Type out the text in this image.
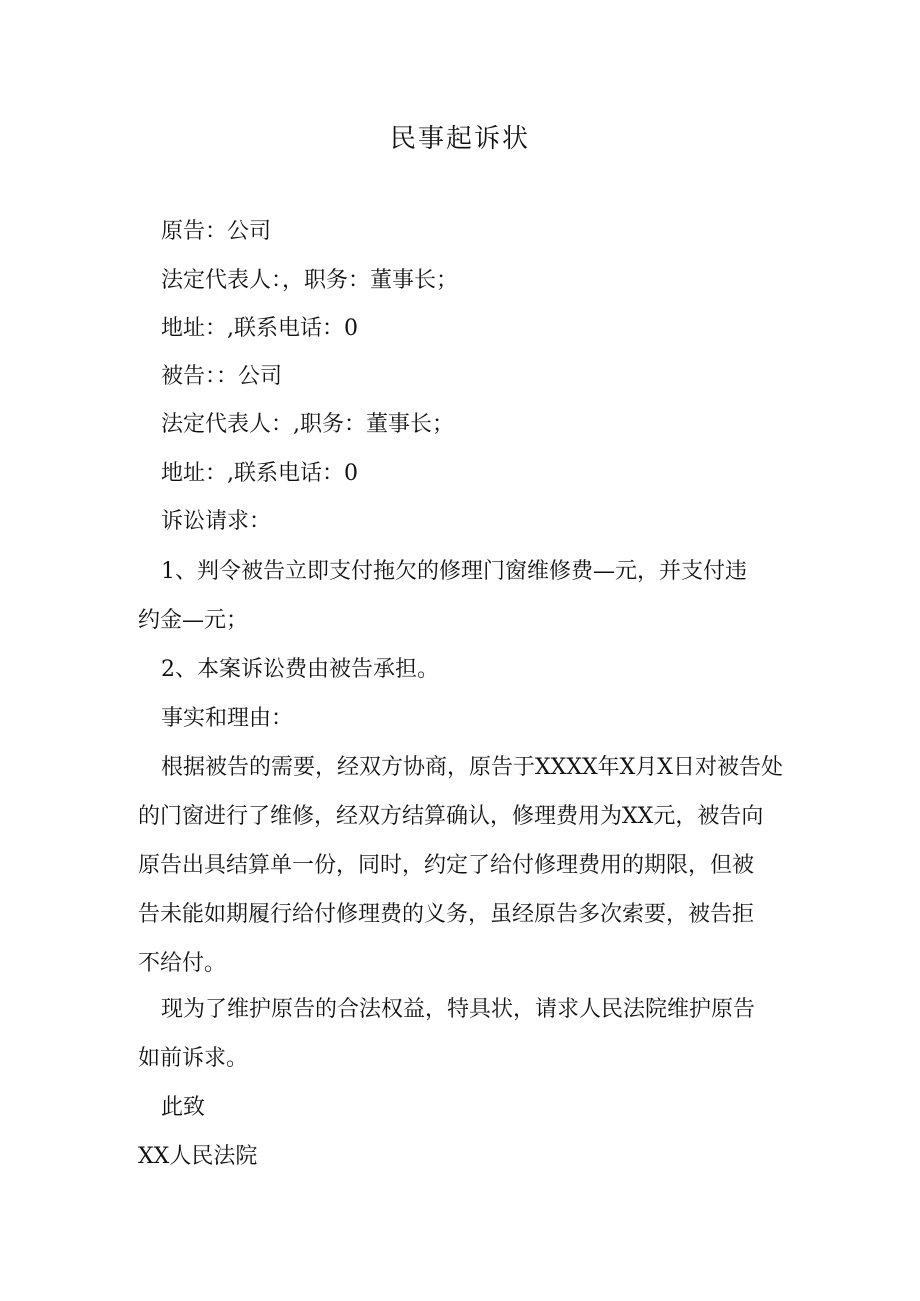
民事起诉状
原告：公司
法定代表人：，职务：董事长；
地址：,联系电话：0
被告：：公司
法定代表人：,职务：董事长；
地址：,联系电话：0
诉讼请求：
1、判令被告立即支付拖欠的修理门窗维修费—元，并支付违
约金—元；
2、本案诉讼费由被告承担。
事实和理由：
根据被告的需要，经双方协商，原告于XXXX年X月X日对被告处
的门窗进行了维修，经双方结算确认，修理费用为XX元，被告向
原告出具结算单一份，同时，约定了给付修理费用的期限，但被
告未能如期履行给付修理费的义务，虽经原告多次索要，被告拒
不给付。
现为了维护原告的合法权益，特具状，请求人民法院维护原告
如前诉求。
此致
XX人民法院
